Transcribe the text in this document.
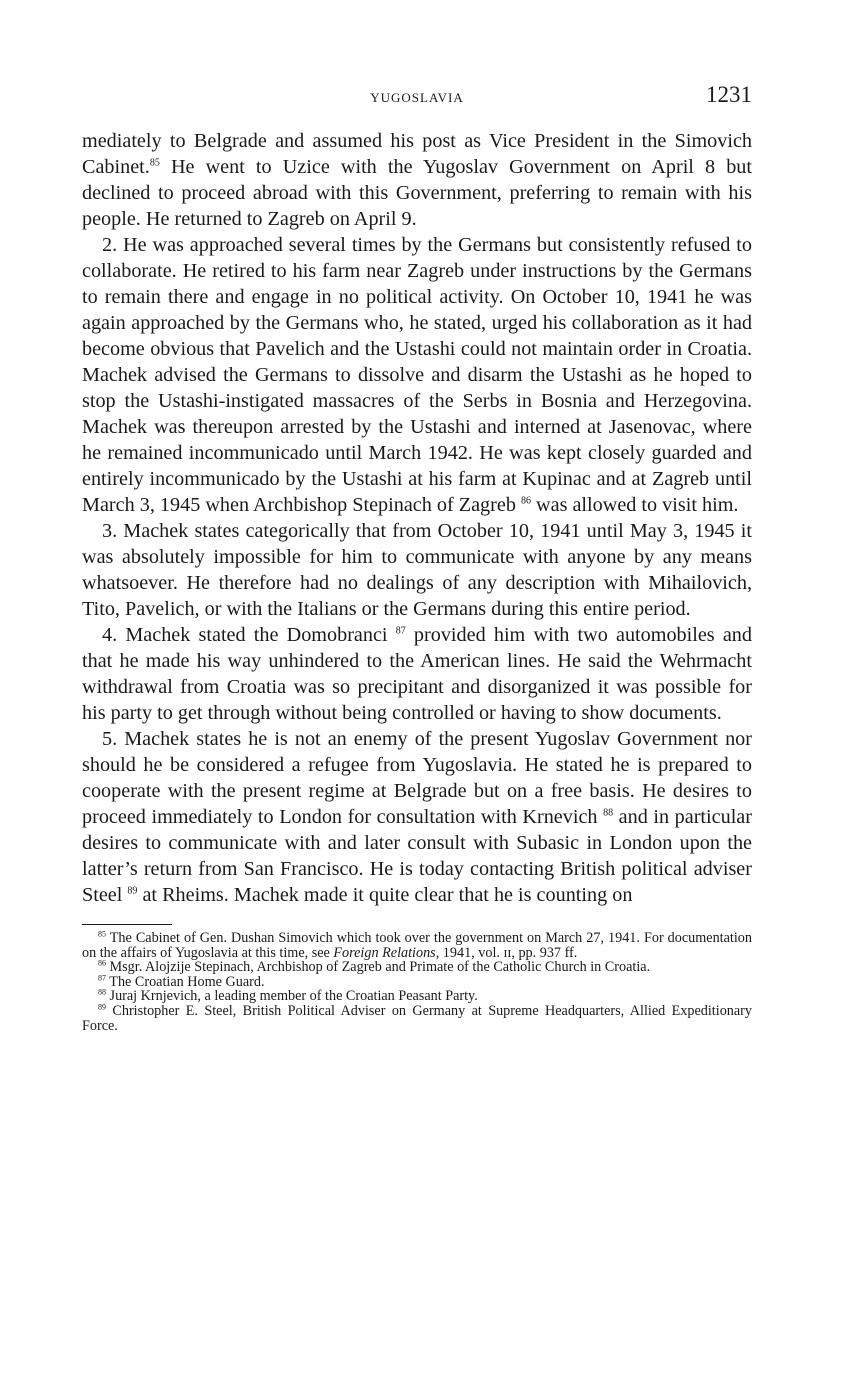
YUGOSLAVIA	1231

mediately to Belgrade and assumed his post as Vice President in the Simovich Cabinet.$^{85}$ He went to Uzice with the Yugoslav Government on April 8 but declined to proceed abroad with this Government, preferring to remain with his people. He returned to Zagreb on April 9.

2. He was approached several times by the Germans but consistently refused to collaborate. He retired to his farm near Zagreb under instructions by the Germans to remain there and engage in no political activity. On October 10, 1941 he was again approached by the Germans who, he stated, urged his collaboration as it had become obvious that Pavelich and the Ustashi could not maintain order in Croatia. Machek advised the Germans to dissolve and disarm the Ustashi as he hoped to stop the Ustashi-instigated massacres of the Serbs in Bosnia and Herzegovina. Machek was thereupon arrested by the Ustashi and interned at Jasenovac, where he remained incommunicado until March 1942. He was kept closely guarded and entirely incommunicado by the Ustashi at his farm at Kupinac and at Zagreb until March 3, 1945 when Archbishop Stepinach of Zagreb $^{86}$ was allowed to visit him.

3. Machek states categorically that from October 10, 1941 until May 3, 1945 it was absolutely impossible for him to communicate with anyone by any means whatsoever. He therefore had no dealings of any description with Mihailovich, Tito, Pavelich, or with the Italians or the Germans during this entire period.

4. Machek stated the Domobranci $^{87}$ provided him with two automobiles and that he made his way unhindered to the American lines. He said the Wehrmacht withdrawal from Croatia was so precipitant and disorganized it was possible for his party to get through without being controlled or having to show documents.

5. Machek states he is not an enemy of the present Yugoslav Government nor should he be considered a refugee from Yugoslavia. He stated he is prepared to cooperate with the present regime at Belgrade but on a free basis. He desires to proceed immediately to London for consultation with Krnevich $^{88}$ and in particular desires to communicate with and later consult with Subasic in London upon the latter’s return from San Francisco. He is today contacting British political adviser Steel $^{89}$ at Rheims. Machek made it quite clear that he is counting on

$^{85}$ The Cabinet of Gen. Dushan Simovich which took over the government on March 27, 1941. For documentation on the affairs of Yugoslavia at this time, see Foreign Relations, 1941, vol. ɪɪ, pp. 937 ff.

$^{86}$ Msgr. Alojzije Stepinach, Archbishop of Zagreb and Primate of the Catholic Church in Croatia.

$^{87}$ The Croatian Home Guard.

$^{88}$ Juraj Krnjevich, a leading member of the Croatian Peasant Party.

$^{89}$ Christopher E. Steel, British Political Adviser on Germany at Supreme Headquarters, Allied Expeditionary Force.
